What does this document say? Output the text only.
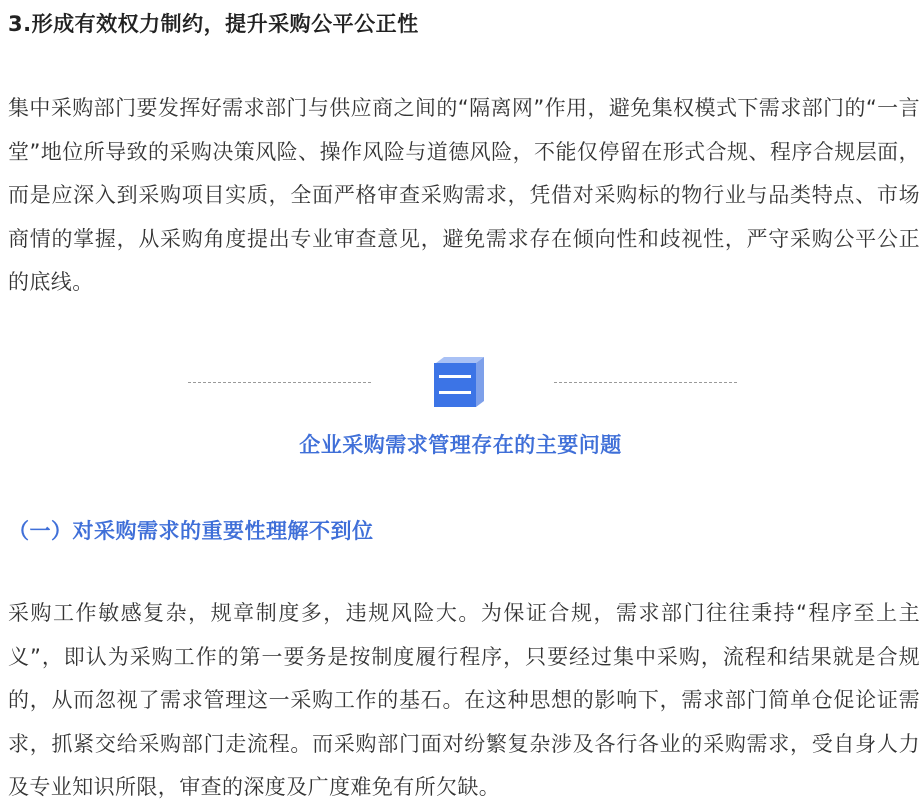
3.形成有效权力制约，提升采购公平公正性

集中采购部门要发挥好需求部门与供应商之间的“隔离网”作用，避免集权模式下需求部门的“一言堂”地位所导致的采购决策风险、操作风险与道德风险，不能仅停留在形式合规、程序合规层面，而是应深入到采购项目实质，全面严格审查采购需求，凭借对采购标的物行业与品类特点、市场商情的掌握，从采购角度提出专业审查意见，避免需求存在倾向性和歧视性，严守采购公平公正的底线。

企业采购需求管理存在的主要问题
（一）对采购需求的重要性理解不到位

采购工作敏感复杂，规章制度多，违规风险大。为保证合规，需求部门往往秉持“程序至上主义”，即认为采购工作的第一要务是按制度履行程序，只要经过集中采购，流程和结果就是合规的，从而忽视了需求管理这一采购工作的基石。在这种思想的影响下，需求部门简单仓促论证需求，抓紧交给采购部门走流程。而采购部门面对纷繁复杂涉及各行各业的采购需求，受自身人力及专业知识所限，审查的深度及广度难免有所欠缺。
